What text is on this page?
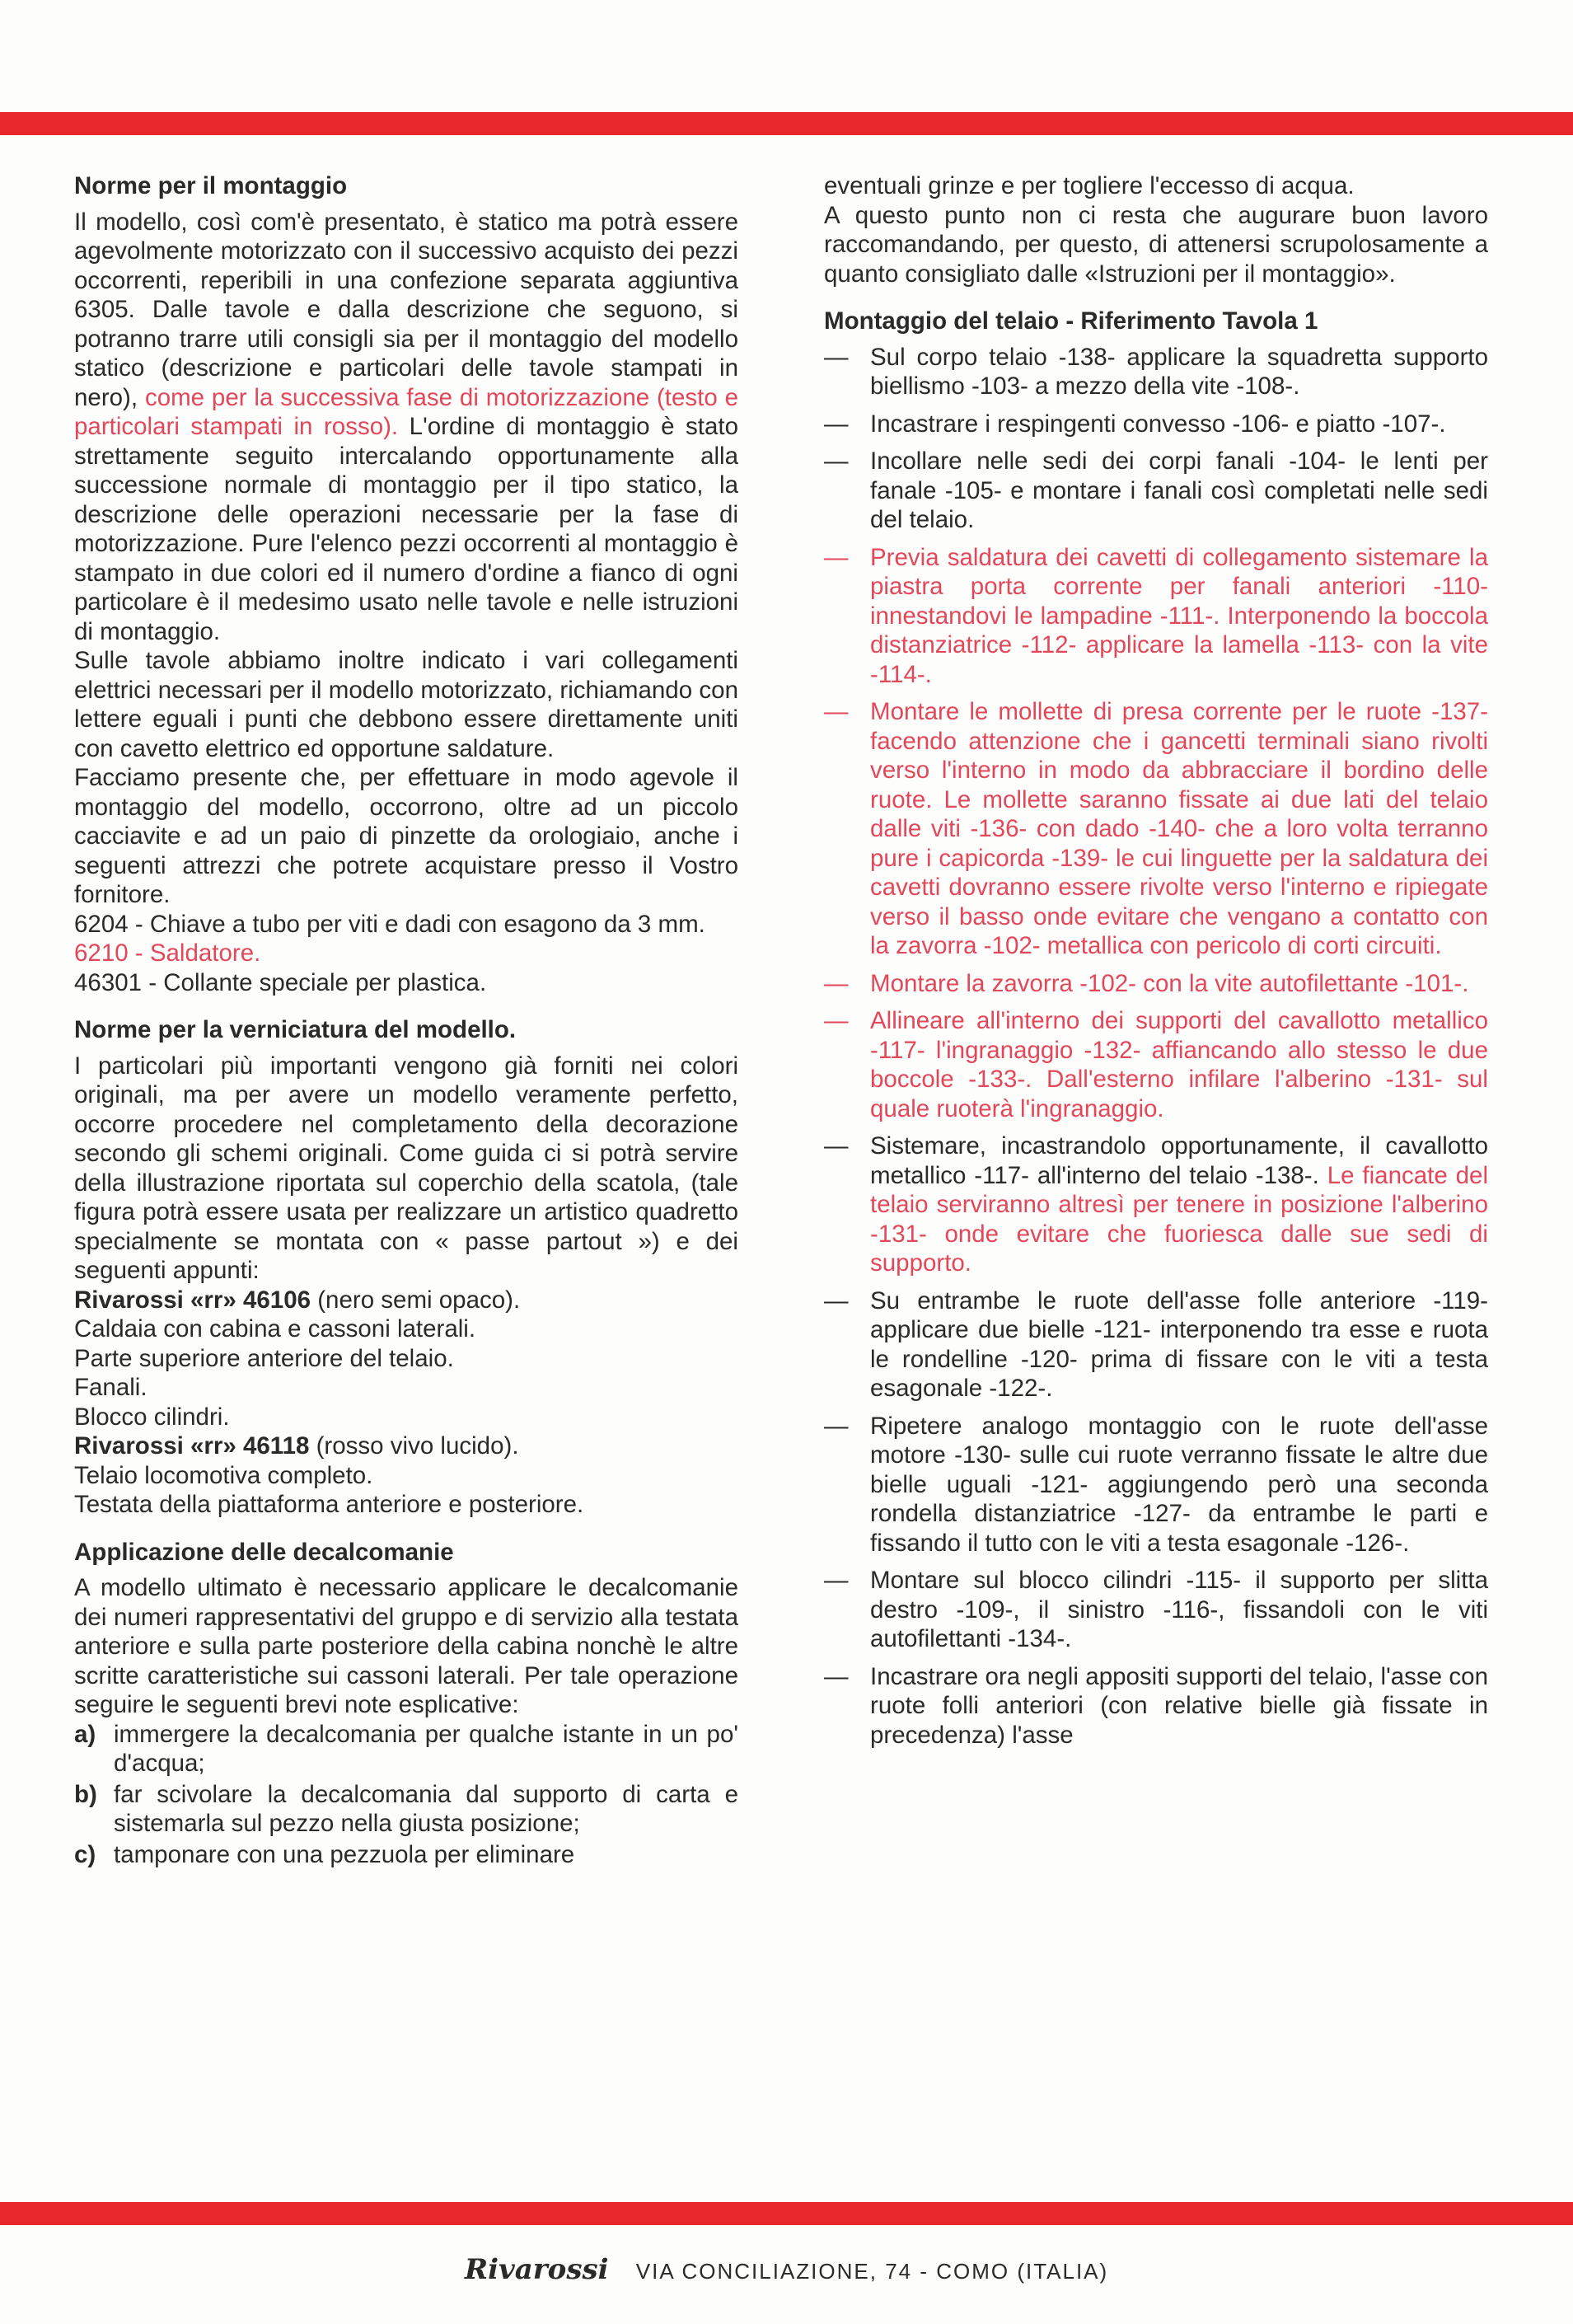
Norme per il montaggio

Il modello, così com'è presentato, è statico ma potrà essere agevolmente motorizzato con il successivo acquisto dei pezzi occorrenti, reperibili in una confezione separata aggiuntiva 6305. Dalle tavole e dalla descrizione che seguono, si potranno trarre utili consigli sia per il montaggio del modello statico (descrizione e particolari delle tavole stampati in nero), come per la successiva fase di motorizzazione (testo e particolari stampati in rosso). L'ordine di montaggio è stato strettamente seguito intercalando opportunamente alla successione normale di montaggio per il tipo statico, la descrizione delle operazioni necessarie per la fase di motorizzazione. Pure l'elenco pezzi occorrenti al montaggio è stampato in due colori ed il numero d'ordine a fianco di ogni particolare è il medesimo usato nelle tavole e nelle istruzioni di montaggio.

Sulle tavole abbiamo inoltre indicato i vari collegamenti elettrici necessari per il modello motorizzato, richiamando con lettere eguali i punti che debbono essere direttamente uniti con cavetto elettrico ed opportune saldature.

Facciamo presente che, per effettuare in modo agevole il montaggio del modello, occorrono, oltre ad un piccolo cacciavite e ad un paio di pinzette da orologiaio, anche i seguenti attrezzi che potrete acquistare presso il Vostro fornitore.

6204 - Chiave a tubo per viti e dadi con esagono da 3 mm.

6210 - Saldatore.

46301 - Collante speciale per plastica.

Norme per la verniciatura del modello.

I particolari più importanti vengono già forniti nei colori originali, ma per avere un modello veramente perfetto, occorre procedere nel completamento della decorazione secondo gli schemi originali. Come guida ci si potrà servire della illustrazione riportata sul coperchio della scatola, (tale figura potrà essere usata per realizzare un artistico quadretto specialmente se montata con « passe partout ») e dei seguenti appunti:

Rivarossi «rr» 46106 (nero semi opaco).

Caldaia con cabina e cassoni laterali.

Parte superiore anteriore del telaio.

Fanali.

Blocco cilindri.

Rivarossi «rr» 46118 (rosso vivo lucido).

Telaio locomotiva completo.

Testata della piattaforma anteriore e posteriore.

Applicazione delle decalcomanie

A modello ultimato è necessario applicare le decalcomanie dei numeri rappresentativi del gruppo e di servizio alla testata anteriore e sulla parte posteriore della cabina nonchè le altre scritte caratteristiche sui cassoni laterali. Per tale operazione seguire le seguenti brevi note esplicative:

a) immergere la decalcomania per qualche istante in un po' d'acqua;
b) far scivolare la decalcomania dal supporto di carta e sistemarla sul pezzo nella giusta posizione;
c) tamponare con una pezzuola per eliminare

eventuali grinze e per togliere l'eccesso di acqua.

A questo punto non ci resta che augurare buon lavoro raccomandando, per questo, di attenersi scrupolosamente a quanto consigliato dalle «Istruzioni per il montaggio».

Montaggio del telaio - Riferimento Tavola 1
— Sul corpo telaio -138- applicare la squadretta supporto biellismo -103- a mezzo della vite -108-.
— Incastrare i respingenti convesso -106- e piatto -107-.
— Incollare nelle sedi dei corpi fanali -104- le lenti per fanale -105- e montare i fanali così completati nelle sedi del telaio.
— Previa saldatura dei cavetti di collegamento sistemare la piastra porta corrente per fanali anteriori -110- innestandovi le lampadine -111-. Interponendo la boccola distanziatrice -112- applicare la lamella -113- con la vite -114-.
— Montare le mollette di presa corrente per le ruote -137- facendo attenzione che i gancetti terminali siano rivolti verso l'interno in modo da abbracciare il bordino delle ruote. Le mollette saranno fissate ai due lati del telaio dalle viti -136- con dado -140- che a loro volta terranno pure i capicorda -139- le cui linguette per la saldatura dei cavetti dovranno essere rivolte verso l'interno e ripiegate verso il basso onde evitare che vengano a contatto con la zavorra -102- metallica con pericolo di corti circuiti.
— Montare la zavorra -102- con la vite autofilettante -101-.
— Allineare all'interno dei supporti del cavallotto metallico -117- l'ingranaggio -132- affiancando allo stesso le due boccole -133-. Dall'esterno infilare l'alberino -131- sul quale ruoterà l'ingranaggio.
— Sistemare, incastrandolo opportunamente, il cavallotto metallico -117- all'interno del telaio -138-. Le fiancate del telaio serviranno altresì per tenere in posizione l'alberino -131- onde evitare che fuoriesca dalle sue sedi di supporto.
— Su entrambe le ruote dell'asse folle anteriore -119- applicare due bielle -121- interponendo tra esse e ruota le rondelline -120- prima di fissare con le viti a testa esagonale -122-.
— Ripetere analogo montaggio con le ruote dell'asse motore -130- sulle cui ruote verranno fissate le altre due bielle uguali -121- aggiungendo però una seconda rondella distanziatrice -127- da entrambe le parti e fissando il tutto con le viti a testa esagonale -126-.
— Montare sul blocco cilindri -115- il supporto per slitta destro -109-, il sinistro -116-, fissandoli con le viti autofilettanti -134-.
— Incastrare ora negli appositi supporti del telaio, l'asse con ruote folli anteriori (con relative bielle già fissate in precedenza) l'asse
Rivarossi VIA CONCILIAZIONE, 74 - COMO (ITALIA)
